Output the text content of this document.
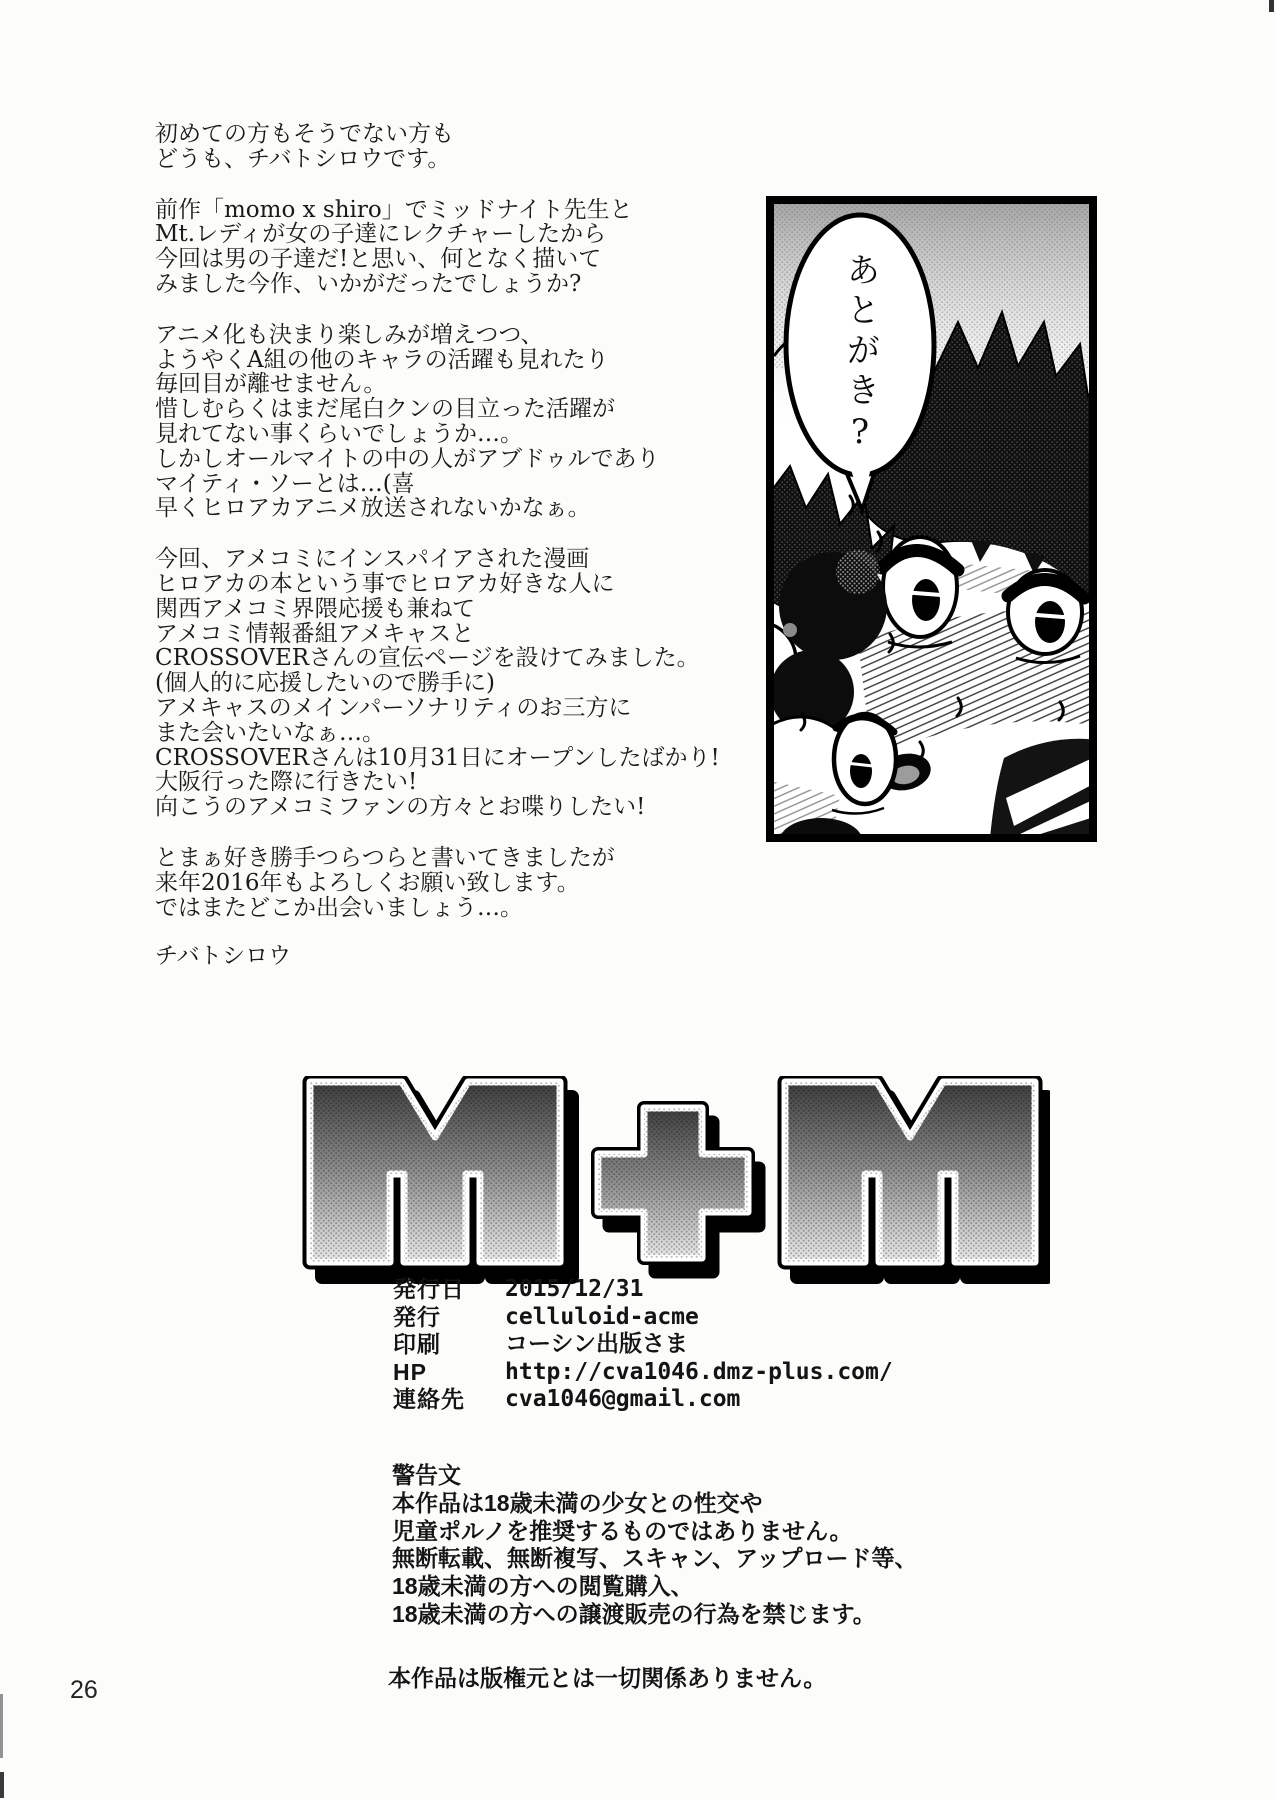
初めての方もそうでない方も
どうも、チバトシロウです。
前作「momo x shiro」でミッドナイト先生と
Mt.レディが女の子達にレクチャーしたから
今回は男の子達だ!と思い、何となく描いて
みました今作、いかがだったでしょうか?
アニメ化も決まり楽しみが増えつつ、
ようやくA組の他のキャラの活躍も見れたり
毎回目が離せません。
惜しむらくはまだ尾白クンの目立った活躍が
見れてない事くらいでしょうか…。
しかしオールマイトの中の人がアブドゥルであり
マイティ・ソーとは…(喜
早くヒロアカアニメ放送されないかなぁ。
今回、アメコミにインスパイアされた漫画
ヒロアカの本という事でヒロアカ好きな人に
関西アメコミ界隈応援も兼ねて
アメコミ情報番組アメキャスと
CROSSOVERさんの宣伝ページを設けてみました。
(個人的に応援したいので勝手に)
アメキャスのメインパーソナリティのお三方に
また会いたいなぁ…。
CROSSOVERさんは10月31日にオープンしたばかり!
大阪行った際に行きたい!
向こうのアメコミファンの方々とお喋りしたい!
とまぁ好き勝手つらつらと書いてきましたが
来年2016年もよろしくお願い致します。
ではまたどこか出会いましょう…。
チバトシロウ
あとがき?
発行日	2015/12/31
発行	celluloid-acme
印刷	コーシン出版さま
HP	http://cva1046.dmz-plus.com/
連絡先	cva1046@gmail.com
警告文
本作品は18歳未満の少女との性交や
児童ポルノを推奨するものではありません。
無断転載、無断複写、スキャン、アップロード等、
18歳未満の方への閲覧購入、
18歳未満の方への譲渡販売の行為を禁じます。
本作品は版権元とは一切関係ありません。
26
